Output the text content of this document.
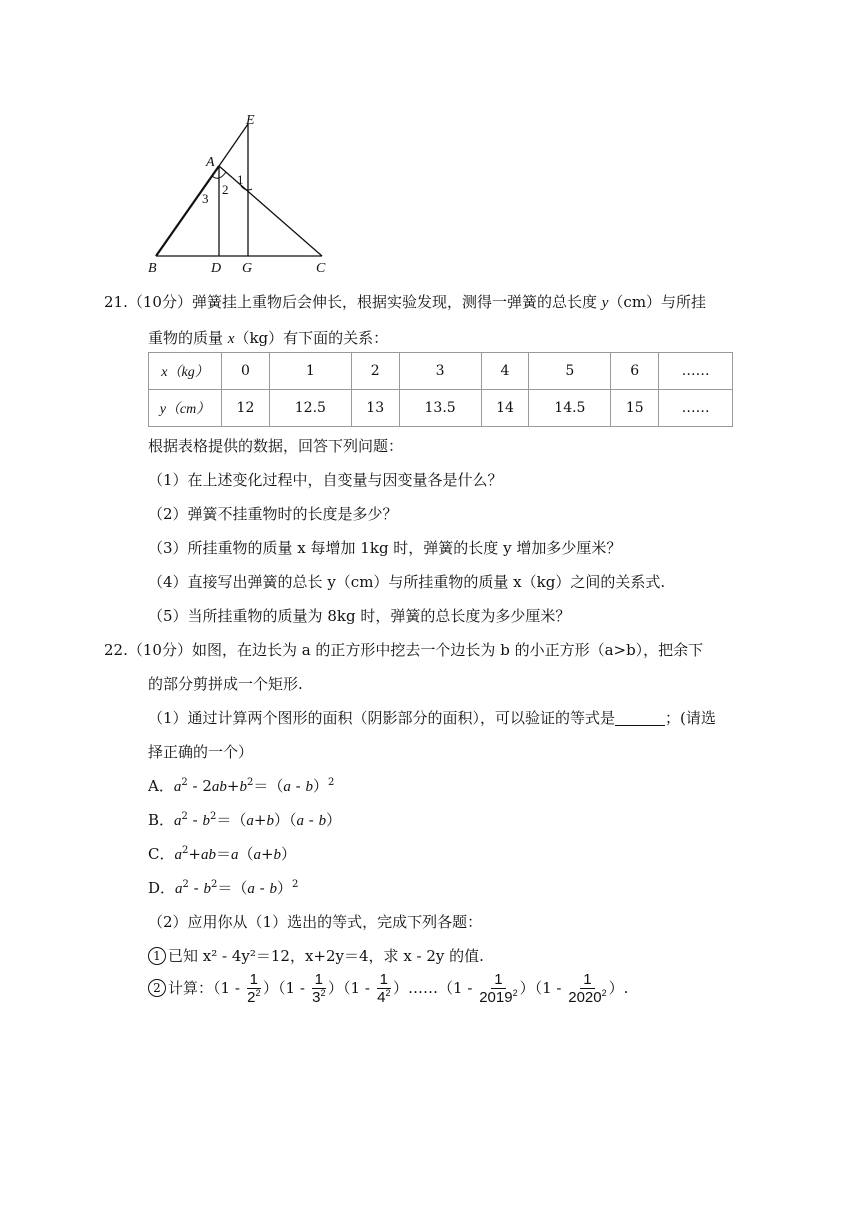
E
A
B	D G	C
1
2
3
21.（10分）弹簧挂上重物后会伸长，根据实验发现，测得一弹簧的总长度 y（cm）与所挂
重物的质量 x（kg）有下面的关系：
x（kg）	0	1	2	3	4	5	6	……
y（cm）	12	12.5	13	13.5	14	14.5	15	……
根据表格提供的数据，回答下列问题：
（1）在上述变化过程中，自变量与因变量各是什么？
（2）弹簧不挂重物时的长度是多少？
（3）所挂重物的质量 x 每增加 1kg 时，弹簧的长度 y 增加多少厘米？
（4）直接写出弹簧的总长 y（cm）与所挂重物的质量 x（kg）之间的关系式.
（5）当所挂重物的质量为 8kg 时，弹簧的总长度为多少厘米？
22.（10分）如图，在边长为 a 的正方形中挖去一个边长为 b 的小正方形（a>b），把余下
的部分剪拼成一个矩形.
（1）通过计算两个图形的面积（阴影部分的面积），可以验证的等式是	；(请选
择正确的一个）
A．$a^2 - 2ab+b^2=(a - b)^2$
B．$a^2 - b^2=(a+b)(a - b)$
C．$a^2+ab=a(a+b)$
D．$a^2 - b^2=(a - b)^2$
（2）应用你从（1）选出的等式，完成下列各题：
1 已知 x² - 4y²＝12，x+2y＝4，求 x - 2y 的值.
2 计算：$(1 - \frac{1}{2^2} )(1 - \frac{1}{3^2} )(1 - \frac{1}{4^2}$ ）……（1 - $\frac{1}{2019^2} )(1 - \frac{1}{2020^2}$ ）.
